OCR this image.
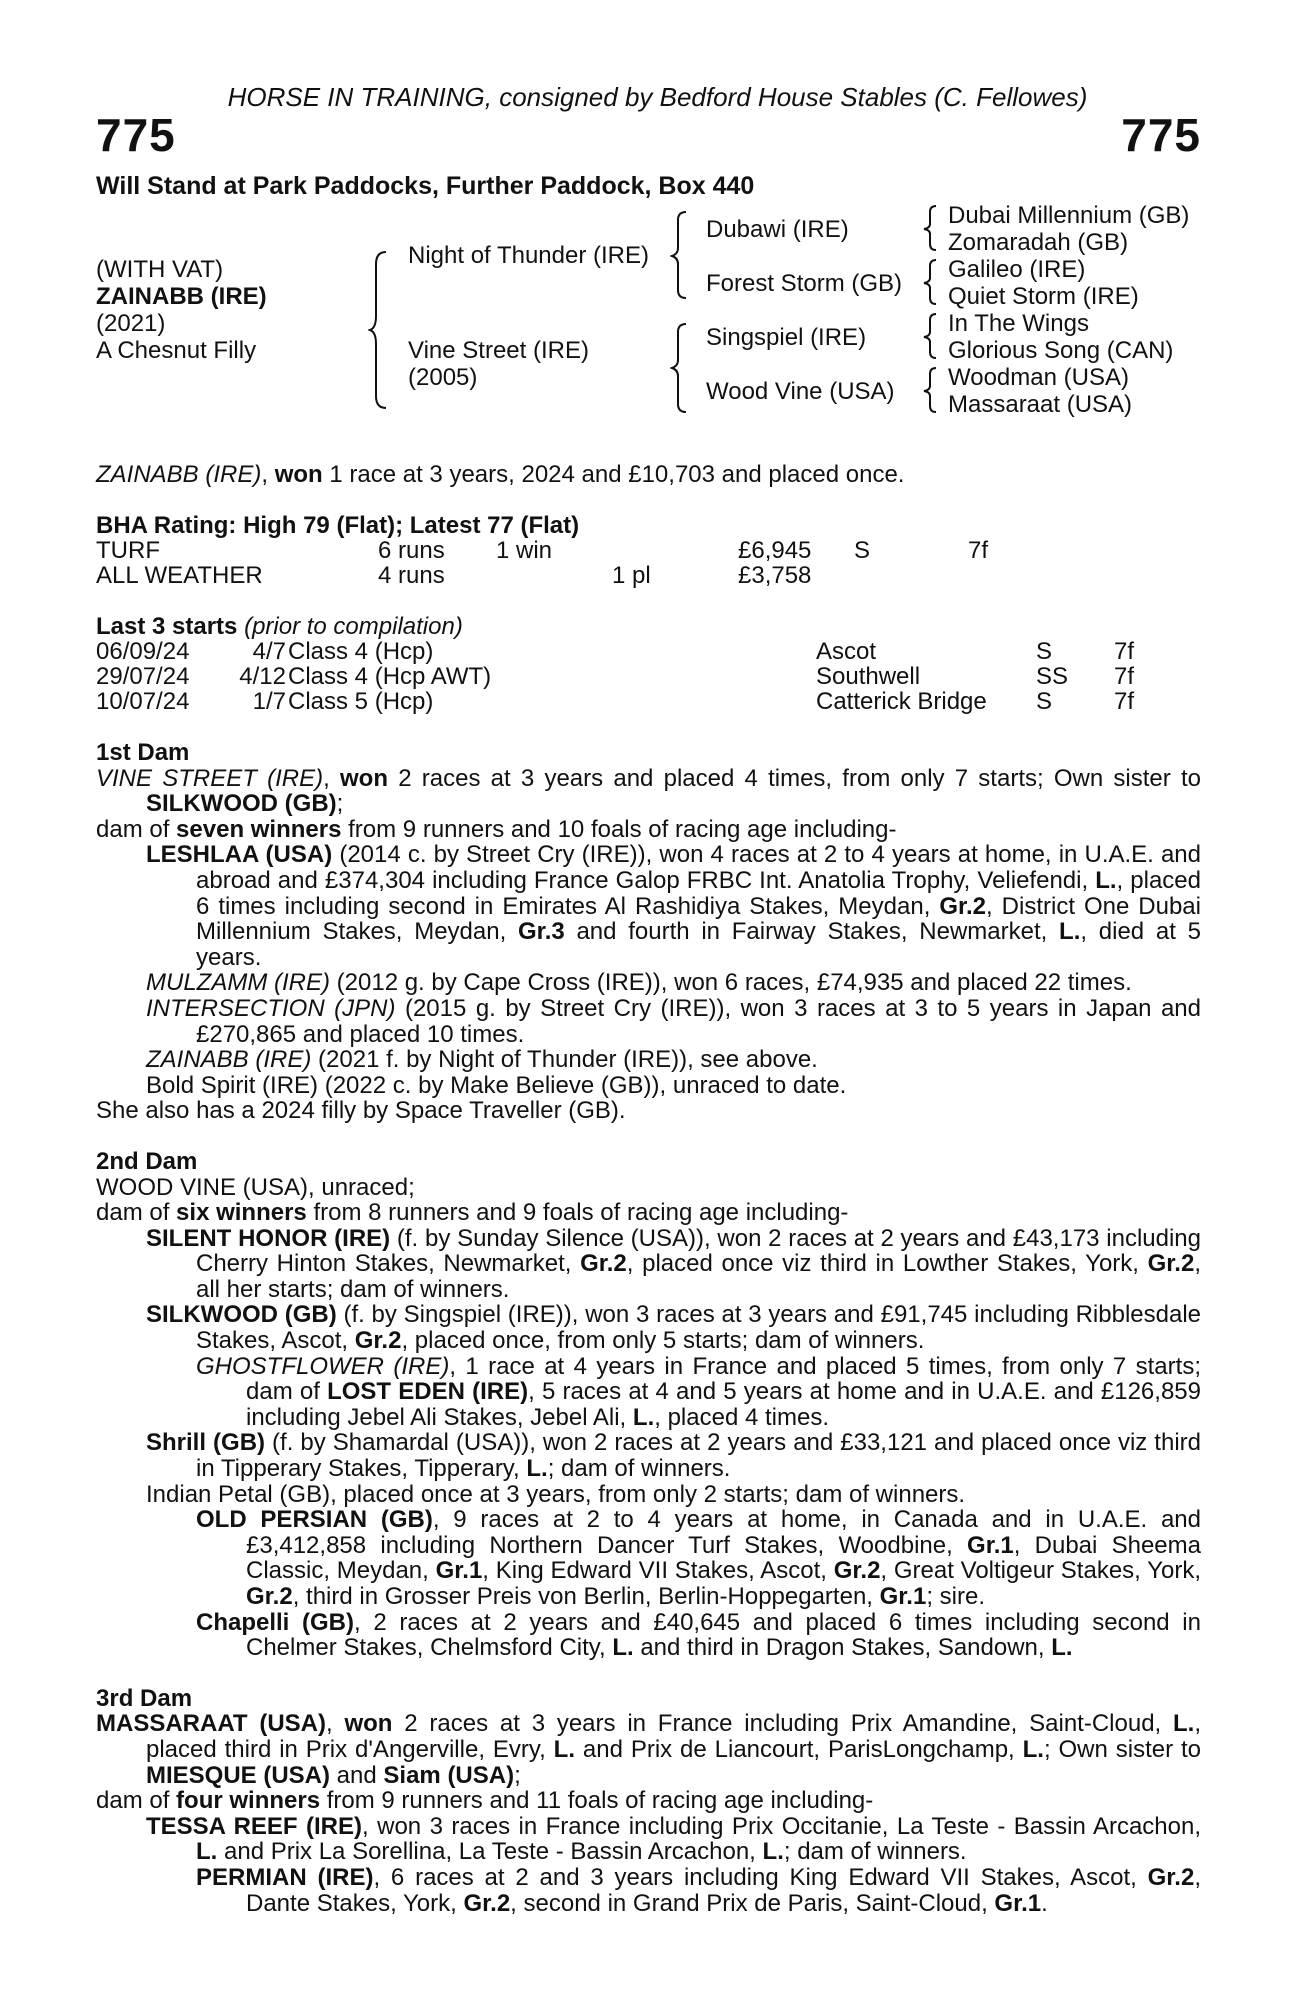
HORSE IN TRAINING, consigned by Bedford House Stables (C. Fellowes)
775	775
Will Stand at Park Paddocks, Further Paddock, Box 440
(WITH VAT)
ZAINABB (IRE)
(2021)
A Chesnut Filly
Night of Thunder (IRE)
Vine Street (IRE)
(2005)
Dubawi (IRE)
Forest Storm (GB)
Singspiel (IRE)
Wood Vine (USA)
Dubai Millennium (GB)
Zomaradah (GB)
Galileo (IRE)
Quiet Storm (IRE)
In The Wings
Glorious Song (CAN)
Woodman (USA)
Massaraat (USA)
ZAINABB (IRE), won 1 race at 3 years, 2024 and £10,703 and placed once.
BHA Rating: High 79 (Flat); Latest 77 (Flat)
TURF	6 runs 1 win	£6,945 S	7f
ALL WEATHER	4 runs	1 pl	£3,758
Last 3 starts (prior to compilation)
06/09/24	4/7 Class 4 (Hcp)	Ascot	S	7f
29/07/24	4/12 Class 4 (Hcp AWT)	Southwell	SS 7f
10/07/24	1/7 Class 5 (Hcp)	Catterick Bridge S	7f

1st Dam

VINE STREET (IRE), won 2 races at 3 years and placed 4 times, from only 7 starts; Own sister to SILKWOOD (GB);

dam of seven winners from 9 runners and 10 foals of racing age including-

LESHLAA (USA) (2014 c. by Street Cry (IRE)), won 4 races at 2 to 4 years at home, in U.A.E. and abroad and £374,304 including France Galop FRBC Int. Anatolia Trophy, Veliefendi, L., placed 6 times including second in Emirates Al Rashidiya Stakes, Meydan, Gr.2, District One Dubai Millennium Stakes, Meydan, Gr.3 and fourth in Fairway Stakes, Newmarket, L., died at 5 years.

MULZAMM (IRE) (2012 g. by Cape Cross (IRE)), won 6 races, £74,935 and placed 22 times.

INTERSECTION (JPN) (2015 g. by Street Cry (IRE)), won 3 races at 3 to 5 years in Japan and £270,865 and placed 10 times.

ZAINABB (IRE) (2021 f. by Night of Thunder (IRE)), see above.

Bold Spirit (IRE) (2022 c. by Make Believe (GB)), unraced to date.

She also has a 2024 filly by Space Traveller (GB).

2nd Dam

WOOD VINE (USA), unraced;

dam of six winners from 8 runners and 9 foals of racing age including-

SILENT HONOR (IRE) (f. by Sunday Silence (USA)), won 2 races at 2 years and £43,173 including Cherry Hinton Stakes, Newmarket, Gr.2, placed once viz third in Lowther Stakes, York, Gr.2, all her starts; dam of winners.

SILKWOOD (GB) (f. by Singspiel (IRE)), won 3 races at 3 years and £91,745 including Ribblesdale Stakes, Ascot, Gr.2, placed once, from only 5 starts; dam of winners.

GHOSTFLOWER (IRE), 1 race at 4 years in France and placed 5 times, from only 7 starts; dam of LOST EDEN (IRE), 5 races at 4 and 5 years at home and in U.A.E. and £126,859 including Jebel Ali Stakes, Jebel Ali, L., placed 4 times.

Shrill (GB) (f. by Shamardal (USA)), won 2 races at 2 years and £33,121 and placed once viz third in Tipperary Stakes, Tipperary, L.; dam of winners.

Indian Petal (GB), placed once at 3 years, from only 2 starts; dam of winners.

OLD PERSIAN (GB), 9 races at 2 to 4 years at home, in Canada and in U.A.E. and £3,412,858 including Northern Dancer Turf Stakes, Woodbine, Gr.1, Dubai Sheema Classic, Meydan, Gr.1, King Edward VII Stakes, Ascot, Gr.2, Great Voltigeur Stakes, York, Gr.2, third in Grosser Preis von Berlin, Berlin-Hoppegarten, Gr.1; sire.

Chapelli (GB), 2 races at 2 years and £40,645 and placed 6 times including second in Chelmer Stakes, Chelmsford City, L. and third in Dragon Stakes, Sandown, L.

3rd Dam

MASSARAAT (USA), won 2 races at 3 years in France including Prix Amandine, Saint-Cloud, L., placed third in Prix d'Angerville, Evry, L. and Prix de Liancourt, ParisLongchamp, L.; Own sister to MIESQUE (USA) and Siam (USA);

dam of four winners from 9 runners and 11 foals of racing age including-

TESSA REEF (IRE), won 3 races in France including Prix Occitanie, La Teste - Bassin Arcachon, L. and Prix La Sorellina, La Teste - Bassin Arcachon, L.; dam of winners.

PERMIAN (IRE), 6 races at 2 and 3 years including King Edward VII Stakes, Ascot, Gr.2, Dante Stakes, York, Gr.2, second in Grand Prix de Paris, Saint-Cloud, Gr.1.
